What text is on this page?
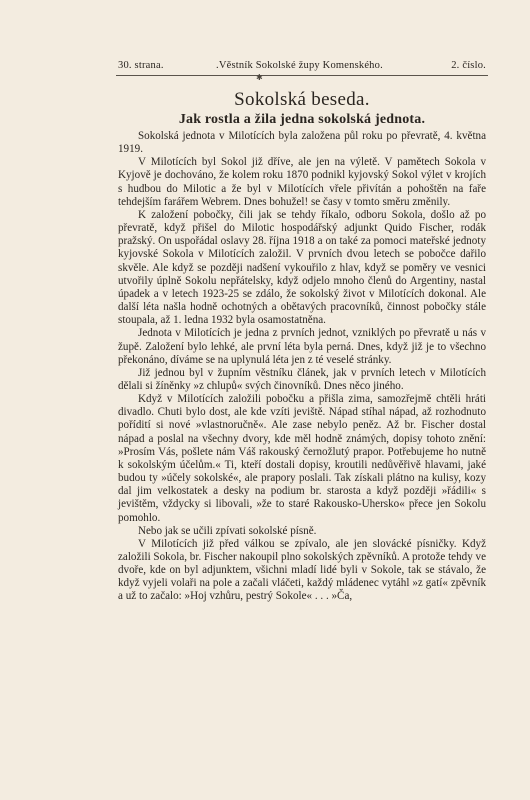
30. strana.	.Věstník Sokolské župy Komenského.	2. číslo.
✱
Sokolská beseda.
Jak rostla a žila jedna sokolská jednota.

Sokolská jednota v Milotících byla založena půl roku po převratě, 4. května 1919.

V Milotících byl Sokol již dříve, ale jen na výletě. V pamětech Sokola v Kyjově je dochováno, že kolem roku 1870 podnikl kyjovský Sokol výlet v krojích s hudbou do Milotic a že byl v Milotících vřele přivítán a pohoštěn na faře tehdejším farářem Webrem. Dnes bohužel! se časy v tomto směru změnily.

K založení pobočky, čili jak se tehdy říkalo, odboru Sokola, došlo až po převratě, když přišel do Milotic hospodářský adjunkt Quido Fischer, rodák pražský. On uspořádal oslavy 28. října 1918 a on také za pomoci mateřské jednoty kyjovské Sokola v Milotících založil. V prvních dvou letech se pobočce dařilo skvěle. Ale když se později nadšení vykouřilo z hlav, když se poměry ve vesnici utvořily úplně Sokolu nepřátelsky, když odjelo mnoho členů do Argentiny, nastal úpadek a v letech 1923-25 se zdálo, že sokolský život v Milotících dokonal. Ale další léta našla hodně ochotných a obětavých pracovníků, činnost pobočky stále stoupala, až 1. ledna 1932 byla osamostatněna.

Jednota v Milotících je jedna z prvních jednot, vzniklých po převratě u nás v župě. Založení bylo lehké, ale první léta byla perná. Dnes, když již je to všechno překonáno, díváme se na uplynulá léta jen z té veselé stránky.

Již jednou byl v župním věstníku článek, jak v prvních letech v Milotících dělali si žíněnky »z chlupů« svých činovníků. Dnes něco jiného.

Když v Milotících založili pobočku a přišla zima, samozřejmě chtěli hráti divadlo. Chuti bylo dost, ale kde vzíti jeviště. Nápad stíhal nápad, až rozhodnuto pořídití si nové »vlastnoručně«. Ale zase nebylo peněz. Až br. Fischer dostal nápad a poslal na všechny dvory, kde měl hodně známých, dopisy tohoto znění: »Prosím Vás, pošlete nám Váš rakouský černožlutý prapor. Potřebujeme ho nutně k sokolským účelům.« Ti, kteří dostali dopisy, kroutili nedůvěřivě hlavami, jaké budou ty »účely sokolské«, ale prapory poslali. Tak získali plátno na kulisy, kozy dal jim velkostatek a desky na podium br. starosta a když později »řádili« s jevištěm, vždycky si libovali, »že to staré Rakousko-Uhersko« přece jen Sokolu pomohlo.

Nebo jak se učili zpívati sokolské písně.

V Milotících již před válkou se zpívalo, ale jen slovácké písničky. Když založili Sokola, br. Fischer nakoupil plno sokolských zpěvníků. A protože tehdy ve dvoře, kde on byl adjunktem, všichni mladí lidé byli v Sokole, tak se stávalo, že když vyjeli volaři na pole a začali vláčeti, každý mládenec vytáhl »z gatí« zpěvník a už to začalo: »Hoj vzhůru, pestrý Sokole« . . . »Ča,
